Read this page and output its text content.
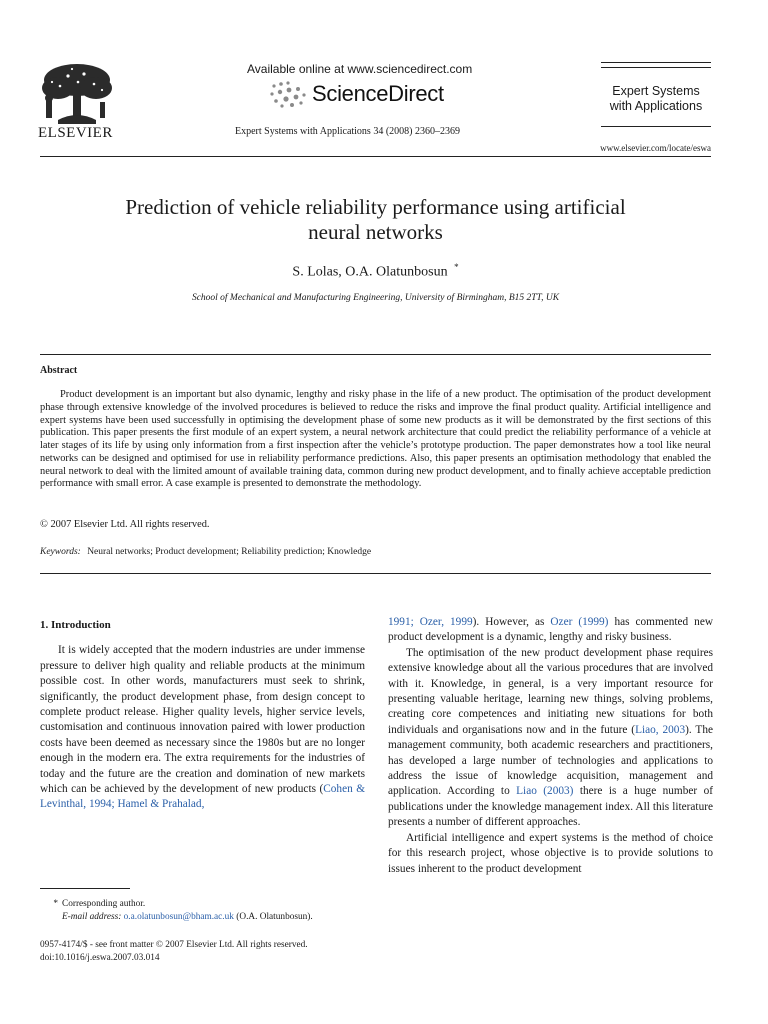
ELSEVIER
Available online at www.sciencedirect.com
ScienceDirect
Expert Systems with Applications 34 (2008) 2360–2369
Expert Systems
with Applications
www.elsevier.com/locate/eswa
Prediction of vehicle reliability performance using artificial
neural networks
S. Lolas, O.A. Olatunbosun *
School of Mechanical and Manufacturing Engineering, University of Birmingham, B15 2TT, UK
Abstract
Product development is an important but also dynamic, lengthy and risky phase in the life of a new product. The optimisation of the product development phase through extensive knowledge of the involved procedures is believed to reduce the risks and improve the final product quality. Artificial intelligence and expert systems have been used successfully in optimising the development phase of some new products as it will be demonstrated by the first sections of this publication. This paper presents the first module of an expert system, a neural network architecture that could predict the reliability performance of a vehicle at later stages of its life by using only information from a first inspection after the vehicle’s prototype production. The paper demonstrates how a tool like neural networks can be designed and optimised for use in reliability performance predictions. Also, this paper presents an optimisation methodology that enabled the neural network to deal with the limited amount of available training data, common during new product development, and to finally achieve acceptable prediction performance with small error. A case example is presented to demonstrate the methodology.
© 2007 Elsevier Ltd. All rights reserved.
Keywords: Neural networks; Product development; Reliability prediction; Knowledge
1. Introduction

It is widely accepted that the modern industries are under immense pressure to deliver high quality and reliable products at the minimum possible cost. In other words, manufacturers must seek to shrink, significantly, the product development phase, from design concept to complete product release. Higher quality levels, higher service levels, customisation and continuous innovation paired with lower production costs have been deemed as necessary since the 1980s but are no longer enough in the modern era. The extra requirements for the industries of today and the future are the creation and domination of new markets which can be achieved by the development of new products (Cohen & Levinthal, 1994; Hamel & Prahalad,

1991; Ozer, 1999). However, as Ozer (1999) has commented new product development is a dynamic, lengthy and risky business.

The optimisation of the new product development phase requires extensive knowledge about all the various procedures that are involved with it. Knowledge, in general, is a very important resource for presenting valuable heritage, learning new things, solving problems, creating core competences and initiating new situations for both individuals and organisations now and in the future (Liao, 2003). The management community, both academic researchers and practitioners, has developed a large number of technologies and applications to address the issue of knowledge acquisition, management and application. According to Liao (2003) there is a huge number of publications under the knowledge management index. All this literature presents a number of different approaches.

Artificial intelligence and expert systems is the method of choice for this research project, whose objective is to provide solutions to issues inherent to the product development

* Corresponding author.
E-mail address: o.a.olatunbosun@bham.ac.uk (O.A. Olatunbosun).
0957-4174/$ - see front matter © 2007 Elsevier Ltd. All rights reserved.
doi:10.1016/j.eswa.2007.03.014
